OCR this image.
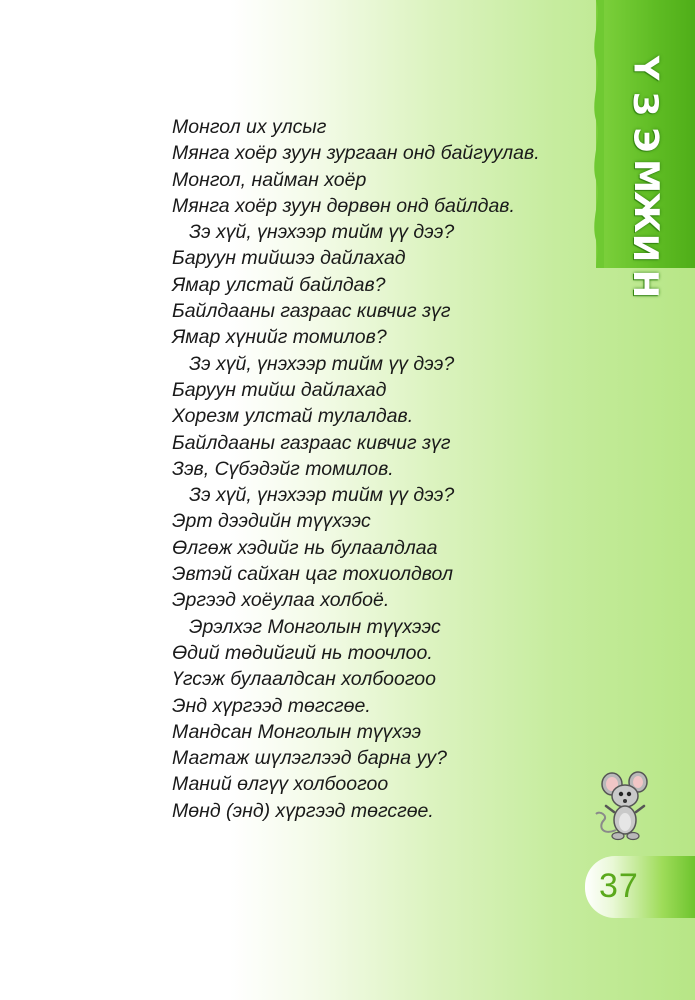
Монгол их улсыг
Мянга хоёр зуун зургаан онд байгуулав.
Монгол, найман хоёр
Мянга хоёр зуун дөрвөн онд байлдав.
Зэ хүй, үнэхээр тийм үү дээ?
Баруун тийшээ дайлахад
Ямар улстай байлдав?
Байлдааны газраас кивчиг зүг
Ямар хүнийг томилов?
Зэ хүй, үнэхээр тийм үү дээ?
Баруун тийш дайлахад
Хорезм улстай тулалдав.
Байлдааны газраас кивчиг зүг
Зэв, Сүбэдэйг томилов.
Зэ хүй, үнэхээр тийм үү дээ?
Эрт дээдийн түүхээс
Өлгөж хэдийг нь булаалдлаа
Эвтэй сайхан цаг тохиолдвол
Эргээд хоёулаа холбоё.
Эрэлхэг Монголын түүхээс
Өдий төдийгий нь тоочлоо.
Үгсэж булаалдсан холбоогоо
Энд хүргээд төгсгөе.
Мандсан Монголын түүхээ
Магтаж шүлэглээд барна уу?
Маний өлгүү холбоогоо
Мөнд (энд) хүргээд төгсгөе.
Ү
З
Э
М
Ж
И
Н
37
